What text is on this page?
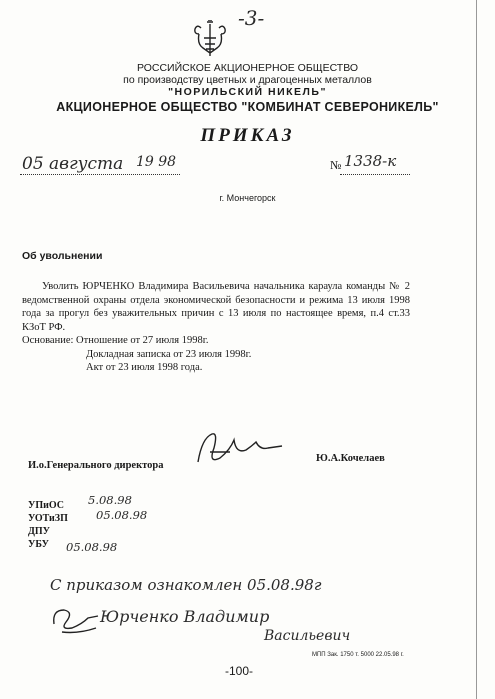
-3-
РОССИЙСКОЕ АКЦИОНЕРНОЕ ОБЩЕСТВО
по производству цветных и драгоценных металлов
"НОРИЛЬСКИЙ НИКЕЛЬ"
АКЦИОНЕРНОЕ ОБЩЕСТВО "КОМБИНАТ СЕВЕРОНИКЕЛЬ"
ПРИКАЗ
05 августа 19 98	№ 1338-к
г. Мончегорск
Об увольнении
Уволить ЮРЧЕНКО Владимира Васильевича начальника караула команды № 2 ведомственной охраны отдела экономической безопасности и режима 13 июля 1998 года за прогул без уважительных причин с 13 июля по настоящее время, п.4 ст.33 КЗоТ РФ.
Основание: Отношение от 27 июля 1998г.
Докладная записка от 23 июля 1998г.
Акт от 23 июля 1998 года.
И.о.Генерального директора
Ю.А.Кочелаев
УПиОС
УОТиЗП
ДПУ
УБУ
5.08.98
05.08.98
05.08.98
С приказом ознакомлен 05.08.98г
Юрченко Владимир
Васильевич
МПП Зак. 1750 т. 5000 22.05.98 г.
-100-
